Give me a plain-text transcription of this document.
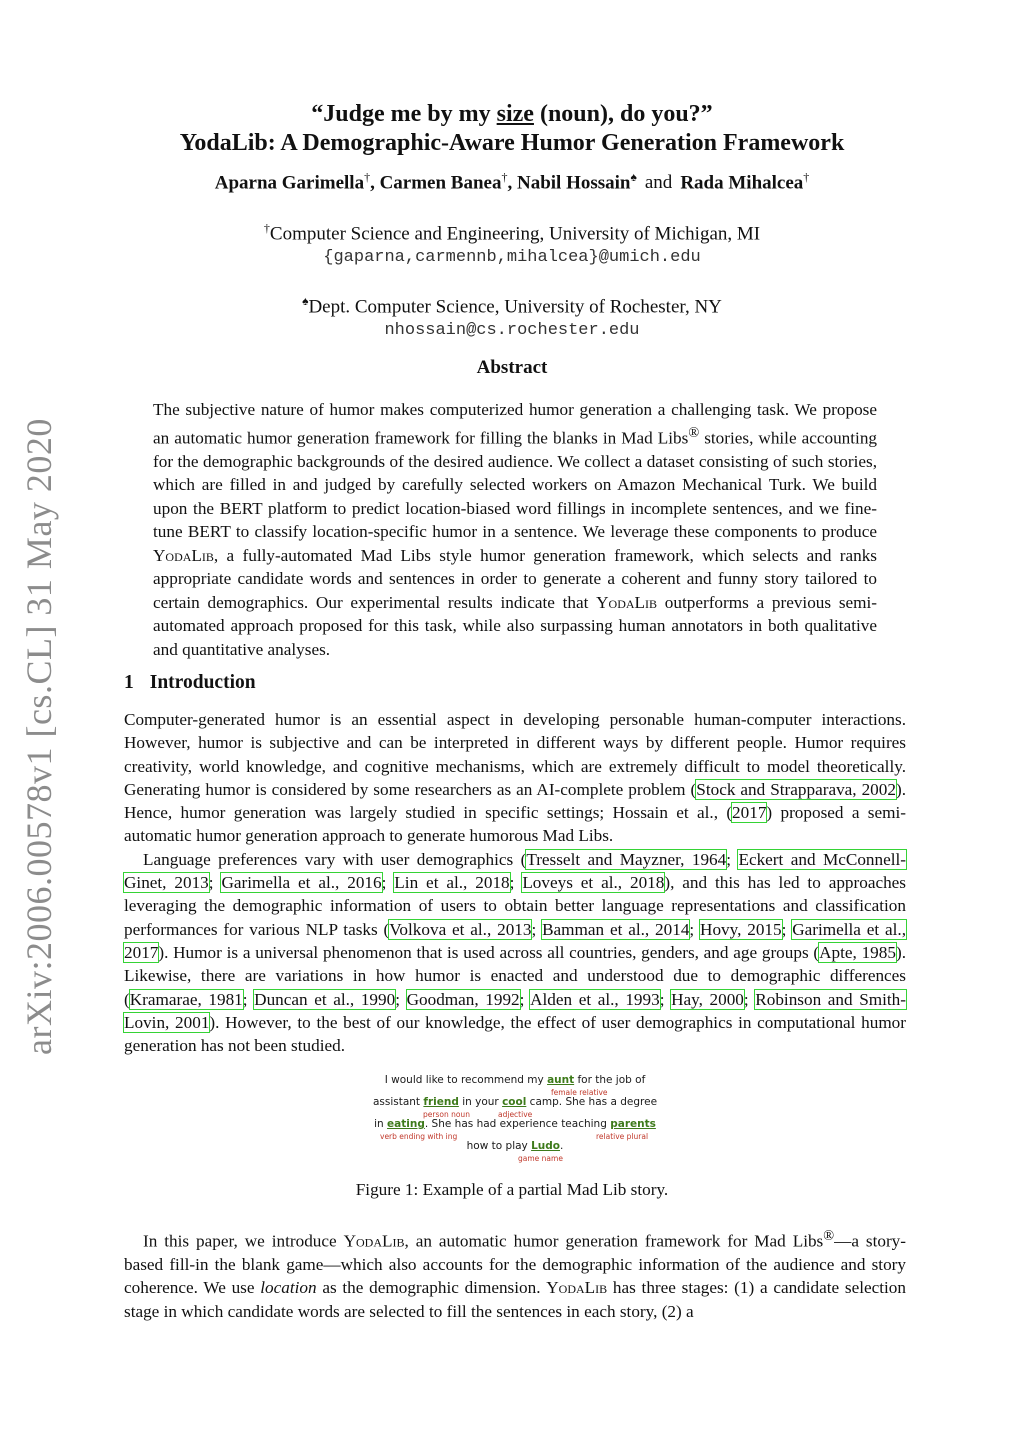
arXiv:2006.00578v1 [cs.CL] 31 May 2020
“Judge me by my size (noun), do you?”
YodaLib: A Demographic-Aware Humor Generation Framework
Aparna Garimella†, Carmen Banea†, Nabil Hossain♠ and Rada Mihalcea†
†Computer Science and Engineering, University of Michigan, MI
{gaparna,carmennb,mihalcea}@umich.edu
♠Dept. Computer Science, University of Rochester, NY
nhossain@cs.rochester.edu
Abstract
The subjective nature of humor makes computerized humor generation a challenging task. We propose an automatic humor generation framework for filling the blanks in Mad Libs® stories, while accounting for the demographic backgrounds of the desired audience. We collect a dataset consisting of such stories, which are filled in and judged by carefully selected workers on Amazon Mechanical Turk. We build upon the BERT platform to predict location-biased word fillings in incomplete sentences, and we fine-tune BERT to classify location-specific humor in a sentence. We leverage these components to produce YodaLib, a fully-automated Mad Libs style humor generation framework, which selects and ranks appropriate candidate words and sentences in order to generate a coherent and funny story tailored to certain demographics. Our experimental results indicate that YodaLib outperforms a previous semi-automated approach proposed for this task, while also surpassing human annotators in both qualitative and quantitative analyses.
1 Introduction

Computer-generated humor is an essential aspect in developing personable human-computer interactions. However, humor is subjective and can be interpreted in different ways by different people. Humor requires creativity, world knowledge, and cognitive mechanisms, which are extremely difficult to model theoretically. Generating humor is considered by some researchers as an AI-complete problem (Stock and Strapparava, 2002). Hence, humor generation was largely studied in specific settings; Hossain et al., (2017) proposed a semi-automatic humor generation approach to generate humorous Mad Libs.

Language preferences vary with user demographics (Tresselt and Mayzner, 1964; Eckert and McConnell-Ginet, 2013; Garimella et al., 2016; Lin et al., 2018; Loveys et al., 2018), and this has led to approaches leveraging the demographic information of users to obtain better language representations and classification performances for various NLP tasks (Volkova et al., 2013; Bamman et al., 2014; Hovy, 2015; Garimella et al., 2017). Humor is a universal phenomenon that is used across all countries, genders, and age groups (Apte, 1985). Likewise, there are variations in how humor is enacted and understood due to demographic differences (Kramarae, 1981; Duncan et al., 1990; Goodman, 1992; Alden et al., 1993; Hay, 2000; Robinson and Smith-Lovin, 2001). However, to the best of our knowledge, the effect of user demographics in computational humor generation has not been studied.

I would like to recommend my aunt for the job of
female relative
assistant friend in your cool camp. She has a degree
person noun	adjective
in eating. She has had experience teaching parents
verb ending with ing	relative plural
how to play Ludo.
game name
Figure 1: Example of a partial Mad Lib story.

In this paper, we introduce YodaLib, an automatic humor generation framework for Mad Libs®—a story-based fill-in the blank game—which also accounts for the demographic information of the audience and story coherence. We use location as the demographic dimension. YodaLib has three stages: (1) a candidate selection stage in which candidate words are selected to fill the sentences in each story, (2) a
